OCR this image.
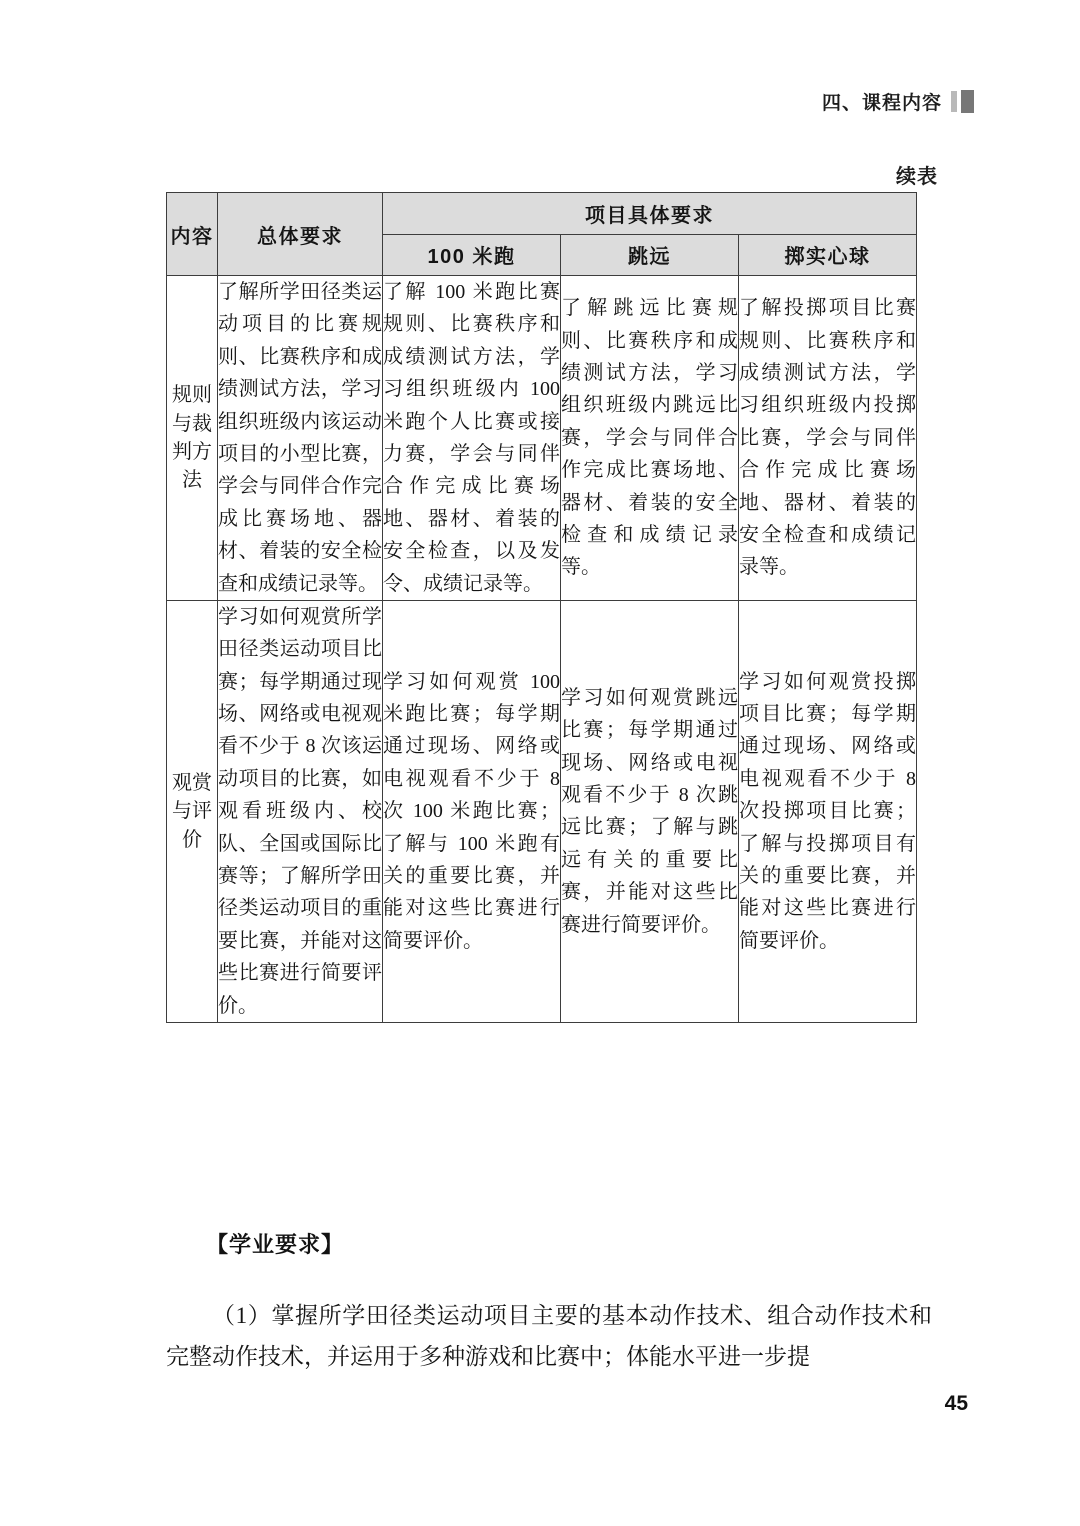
四、课程内容
续表
内容	总体要求	项目具体要求		
		100 米跑	跳远	掷实心球

规则与裁判方法	了解所学田径类运动项目的比赛规则、比赛秩序和成绩测试方法，学习组织班级内该运动项目的小型比赛，学会与同伴合作完成比赛场地、器材、着装的安全检查和成绩记录等。	了解 100 米跑比赛规则、比赛秩序和成绩测试方法，学习组织班级内 100 米跑个人比赛或接力赛，学会与同伴合作完成比赛场地、器材、着装的安全检查，以及发令、成绩记录等。	了解跳远比赛规则、比赛秩序和成绩测试方法，学习组织班级内跳远比赛，学会与同伴合作完成比赛场地、器材、着装的安全检查和成绩记录等。	了解投掷项目比赛规则、比赛秩序和成绩测试方法，学习组织班级内投掷比赛，学会与同伴合作完成比赛场地、器材、着装的安全检查和成绩记录等。

观赏与评价	学习如何观赏所学田径类运动项目比赛；每学期通过现场、网络或电视观看不少于 8 次该运动项目的比赛，如观看班级内、校队、全国或国际比赛等；了解所学田径类运动项目的重要比赛，并能对这些比赛进行简要评价。	学习如何观赏 100 米跑比赛；每学期通过现场、网络或电视观看不少于 8 次 100 米跑比赛；了解与 100 米跑有关的重要比赛，并能对这些比赛进行简要评价。	学习如何观赏跳远比赛；每学期通过现场、网络或电视观看不少于 8 次跳远比赛；了解与跳远有关的重要比赛，并能对这些比赛进行简要评价。	学习如何观赏投掷项目比赛；每学期通过现场、网络或电视观看不少于 8 次投掷项目比赛；了解与投掷项目有关的重要比赛，并能对这些比赛进行简要评价。
【学业要求】
（1）掌握所学田径类运动项目主要的基本动作技术、组合动作技术和完整动作技术，并运用于多种游戏和比赛中；体能水平进一步提
45
